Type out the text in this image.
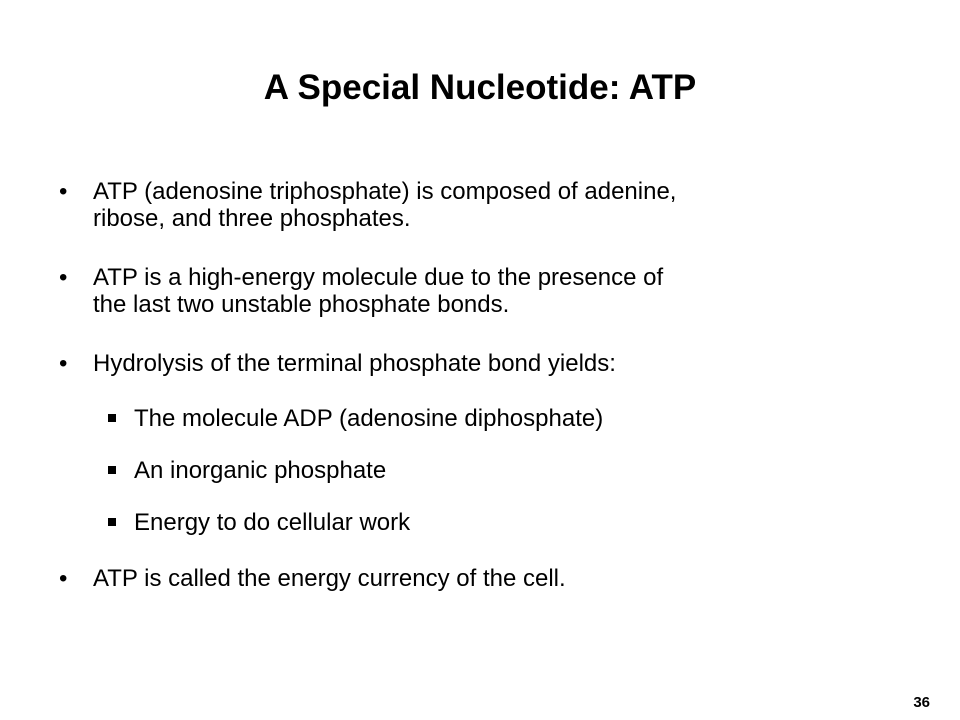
A Special Nucleotide: ATP
•	ATP (adenosine triphosphate) is composed of adenine,
ribose, and three phosphates.
•	ATP is a high-energy molecule due to the presence of
the last two unstable phosphate bonds.
•	Hydrolysis of the terminal phosphate bond yields:
The molecule ADP (adenosine diphosphate)
An inorganic phosphate
Energy to do cellular work
•	ATP is called the energy currency of the cell.
36
